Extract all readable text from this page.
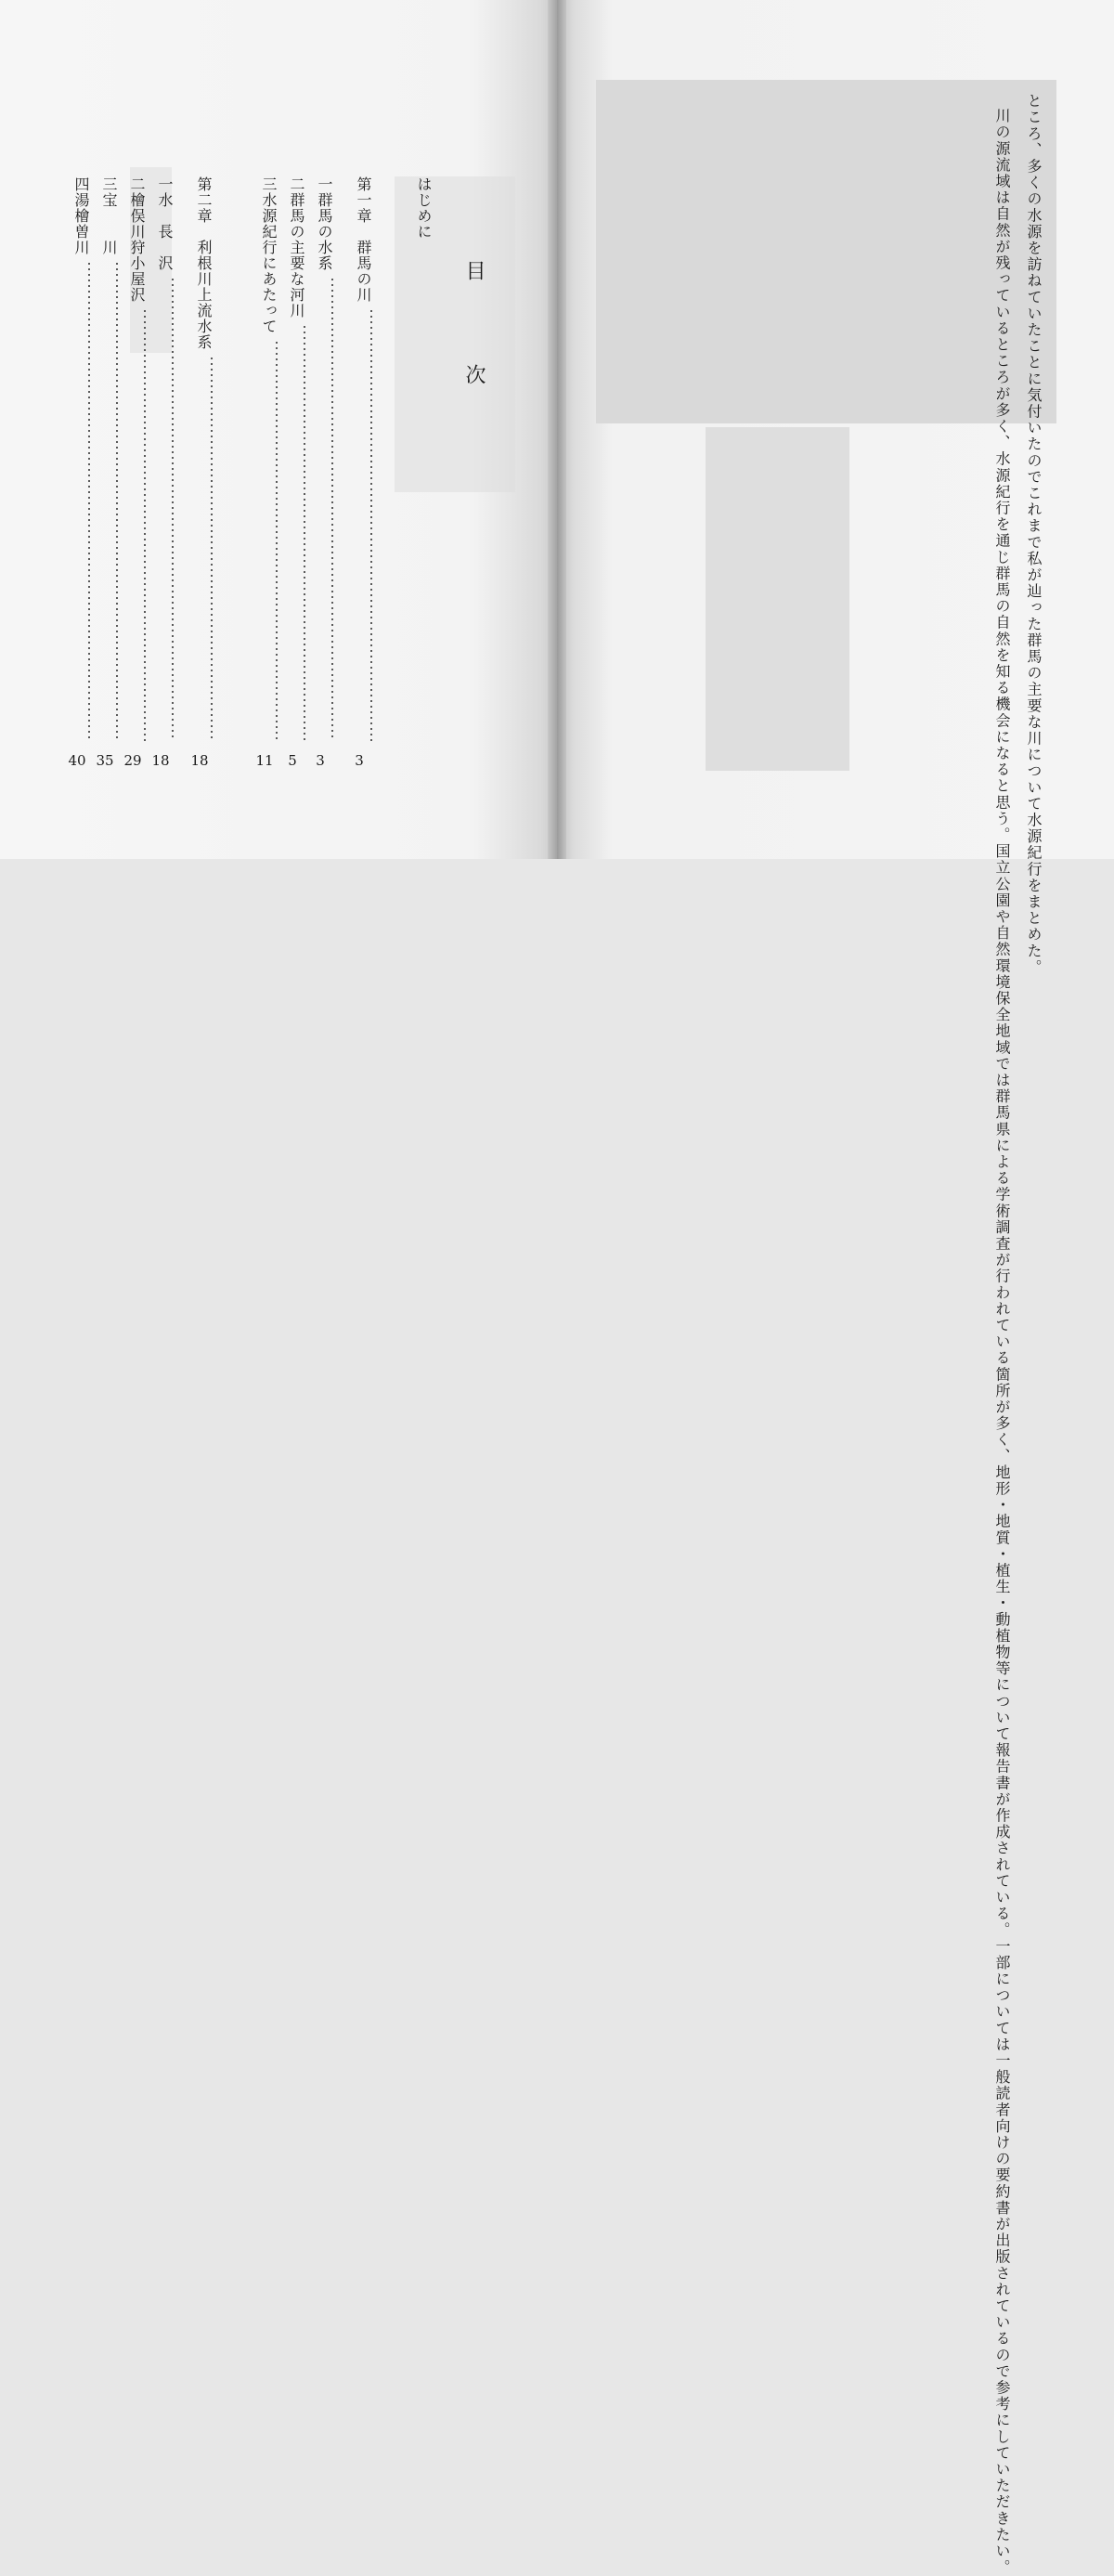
目　次
はじめに
第一章　群馬の川
3
一
群馬の水系
3
二
群馬の主要な河川
5
三
水源紀行にあたって
11
第二章　利根川上流水系
18
一
水　長　沢
18
二
檜俣川狩小屋沢
29
三
宝　　川
35
四
湯檜曽川
40	ところ、多くの水源を訪ねていたことに気付いたのでこれまで私が辿った群馬の主要な川について水源紀行をまとめた。

川の源流域は自然が残っているところが多く、水源紀行を通じ群馬の自然を知る機会になると思う。国立公園や自然環境保全地域では群馬県による学術調査が行われている箇所が多く、地形・地質・植生・動植物等について報告書が作成されている。一部については一般読者向けの要約書が出版されているので参考にしていただきたい。
